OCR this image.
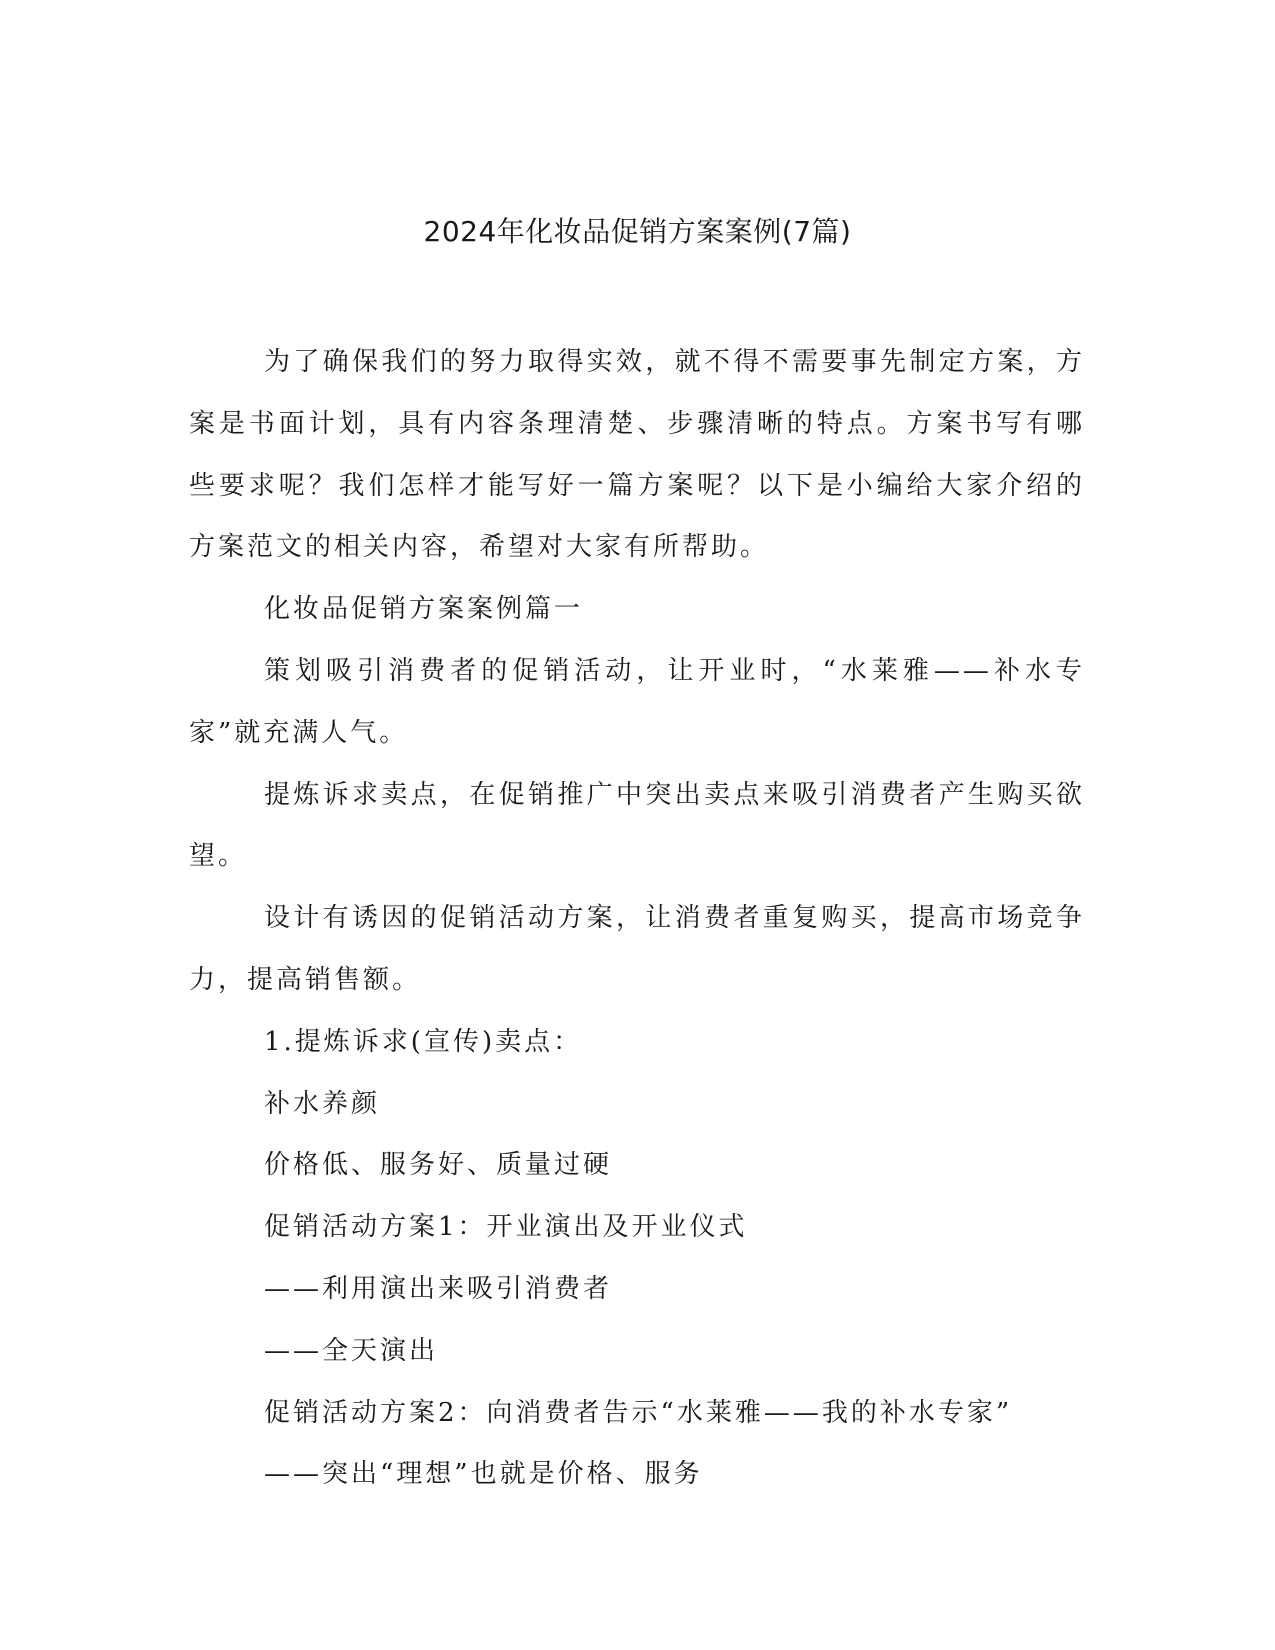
2024年化妆品促销方案案例(7篇)

为了确保我们的努力取得实效，就不得不需要事先制定方案，方案是书面计划，具有内容条理清楚、步骤清晰的特点。方案书写有哪些要求呢？我们怎样才能写好一篇方案呢？以下是小编给大家介绍的方案范文的相关内容，希望对大家有所帮助。

化妆品促销方案案例篇一

策划吸引消费者的促销活动，让开业时，“水莱雅——补水专家”就充满人气。

提炼诉求卖点，在促销推广中突出卖点来吸引消费者产生购买欲望。

设计有诱因的促销活动方案，让消费者重复购买，提高市场竞争力，提高销售额。

1.提炼诉求(宣传)卖点：

补水养颜

价格低、服务好、质量过硬

促销活动方案1：开业演出及开业仪式

——利用演出来吸引消费者

——全天演出

促销活动方案2：向消费者告示“水莱雅——我的补水专家”

——突出“理想”也就是价格、服务
